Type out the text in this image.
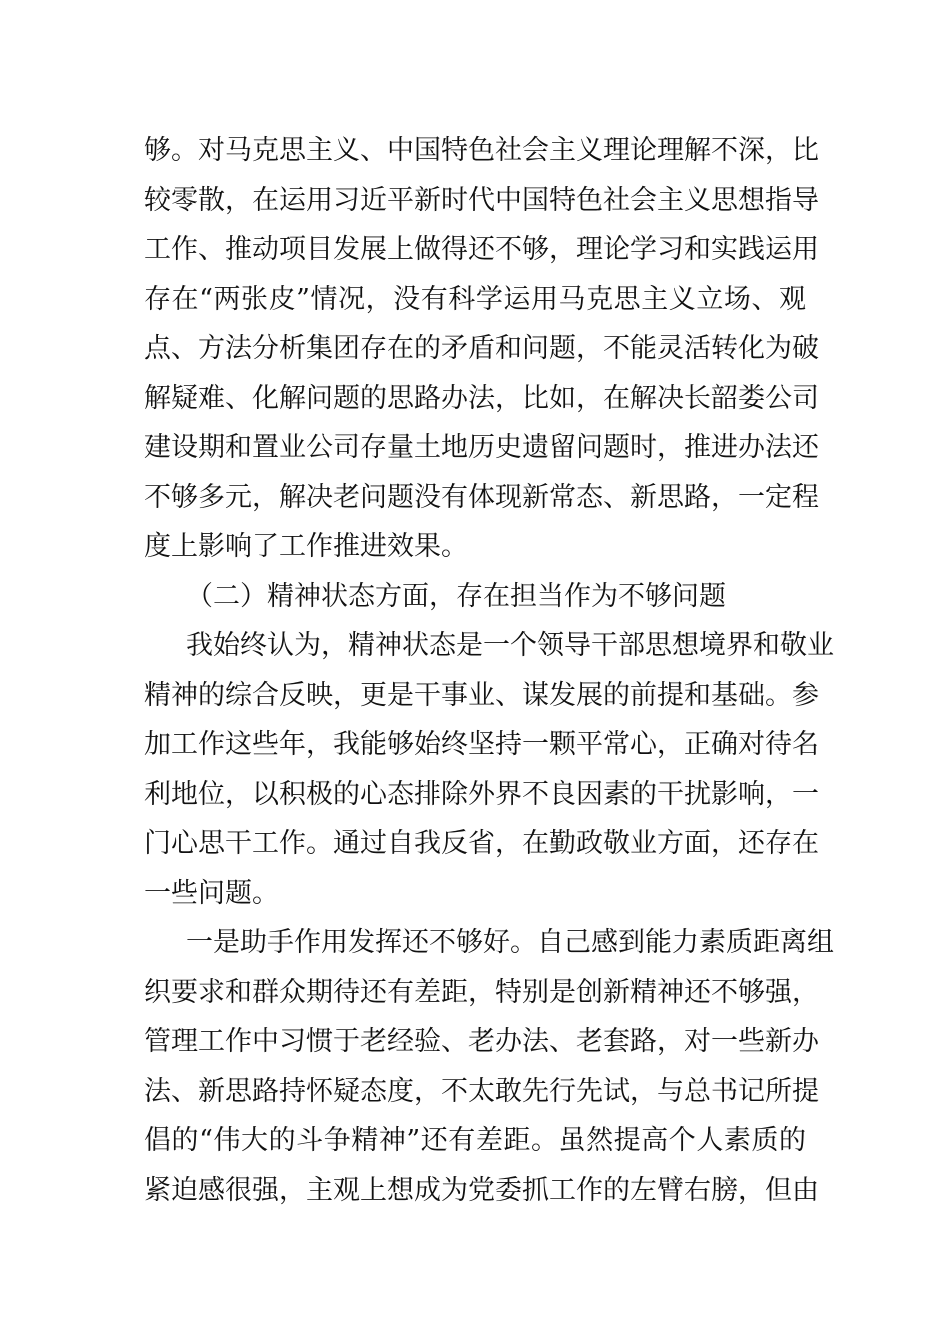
够。对马克思主义、中国特色社会主义理论理解不深，比
较零散，在运用习近平新时代中国特色社会主义思想指导
工作、推动项目发展上做得还不够，理论学习和实践运用
存在“两张皮”情况，没有科学运用马克思主义立场、观
点、方法分析集团存在的矛盾和问题，不能灵活转化为破
解疑难、化解问题的思路办法，比如，在解决长韶娄公司
建设期和置业公司存量土地历史遗留问题时，推进办法还
不够多元，解决老问题没有体现新常态、新思路，一定程
度上影响了工作推进效果。
（二）精神状态方面，存在担当作为不够问题
我始终认为，精神状态是一个领导干部思想境界和敬业
精神的综合反映，更是干事业、谋发展的前提和基础。参
加工作这些年，我能够始终坚持一颗平常心，正确对待名
利地位，以积极的心态排除外界不良因素的干扰影响，一
门心思干工作。通过自我反省，在勤政敬业方面，还存在
一些问题。
一是助手作用发挥还不够好。自己感到能力素质距离组
织要求和群众期待还有差距，特别是创新精神还不够强，
管理工作中习惯于老经验、老办法、老套路，对一些新办
法、新思路持怀疑态度，不太敢先行先试，与总书记所提
倡的“伟大的斗争精神”还有差距。虽然提高个人素质的
紧迫感很强，主观上想成为党委抓工作的左臂右膀，但由
